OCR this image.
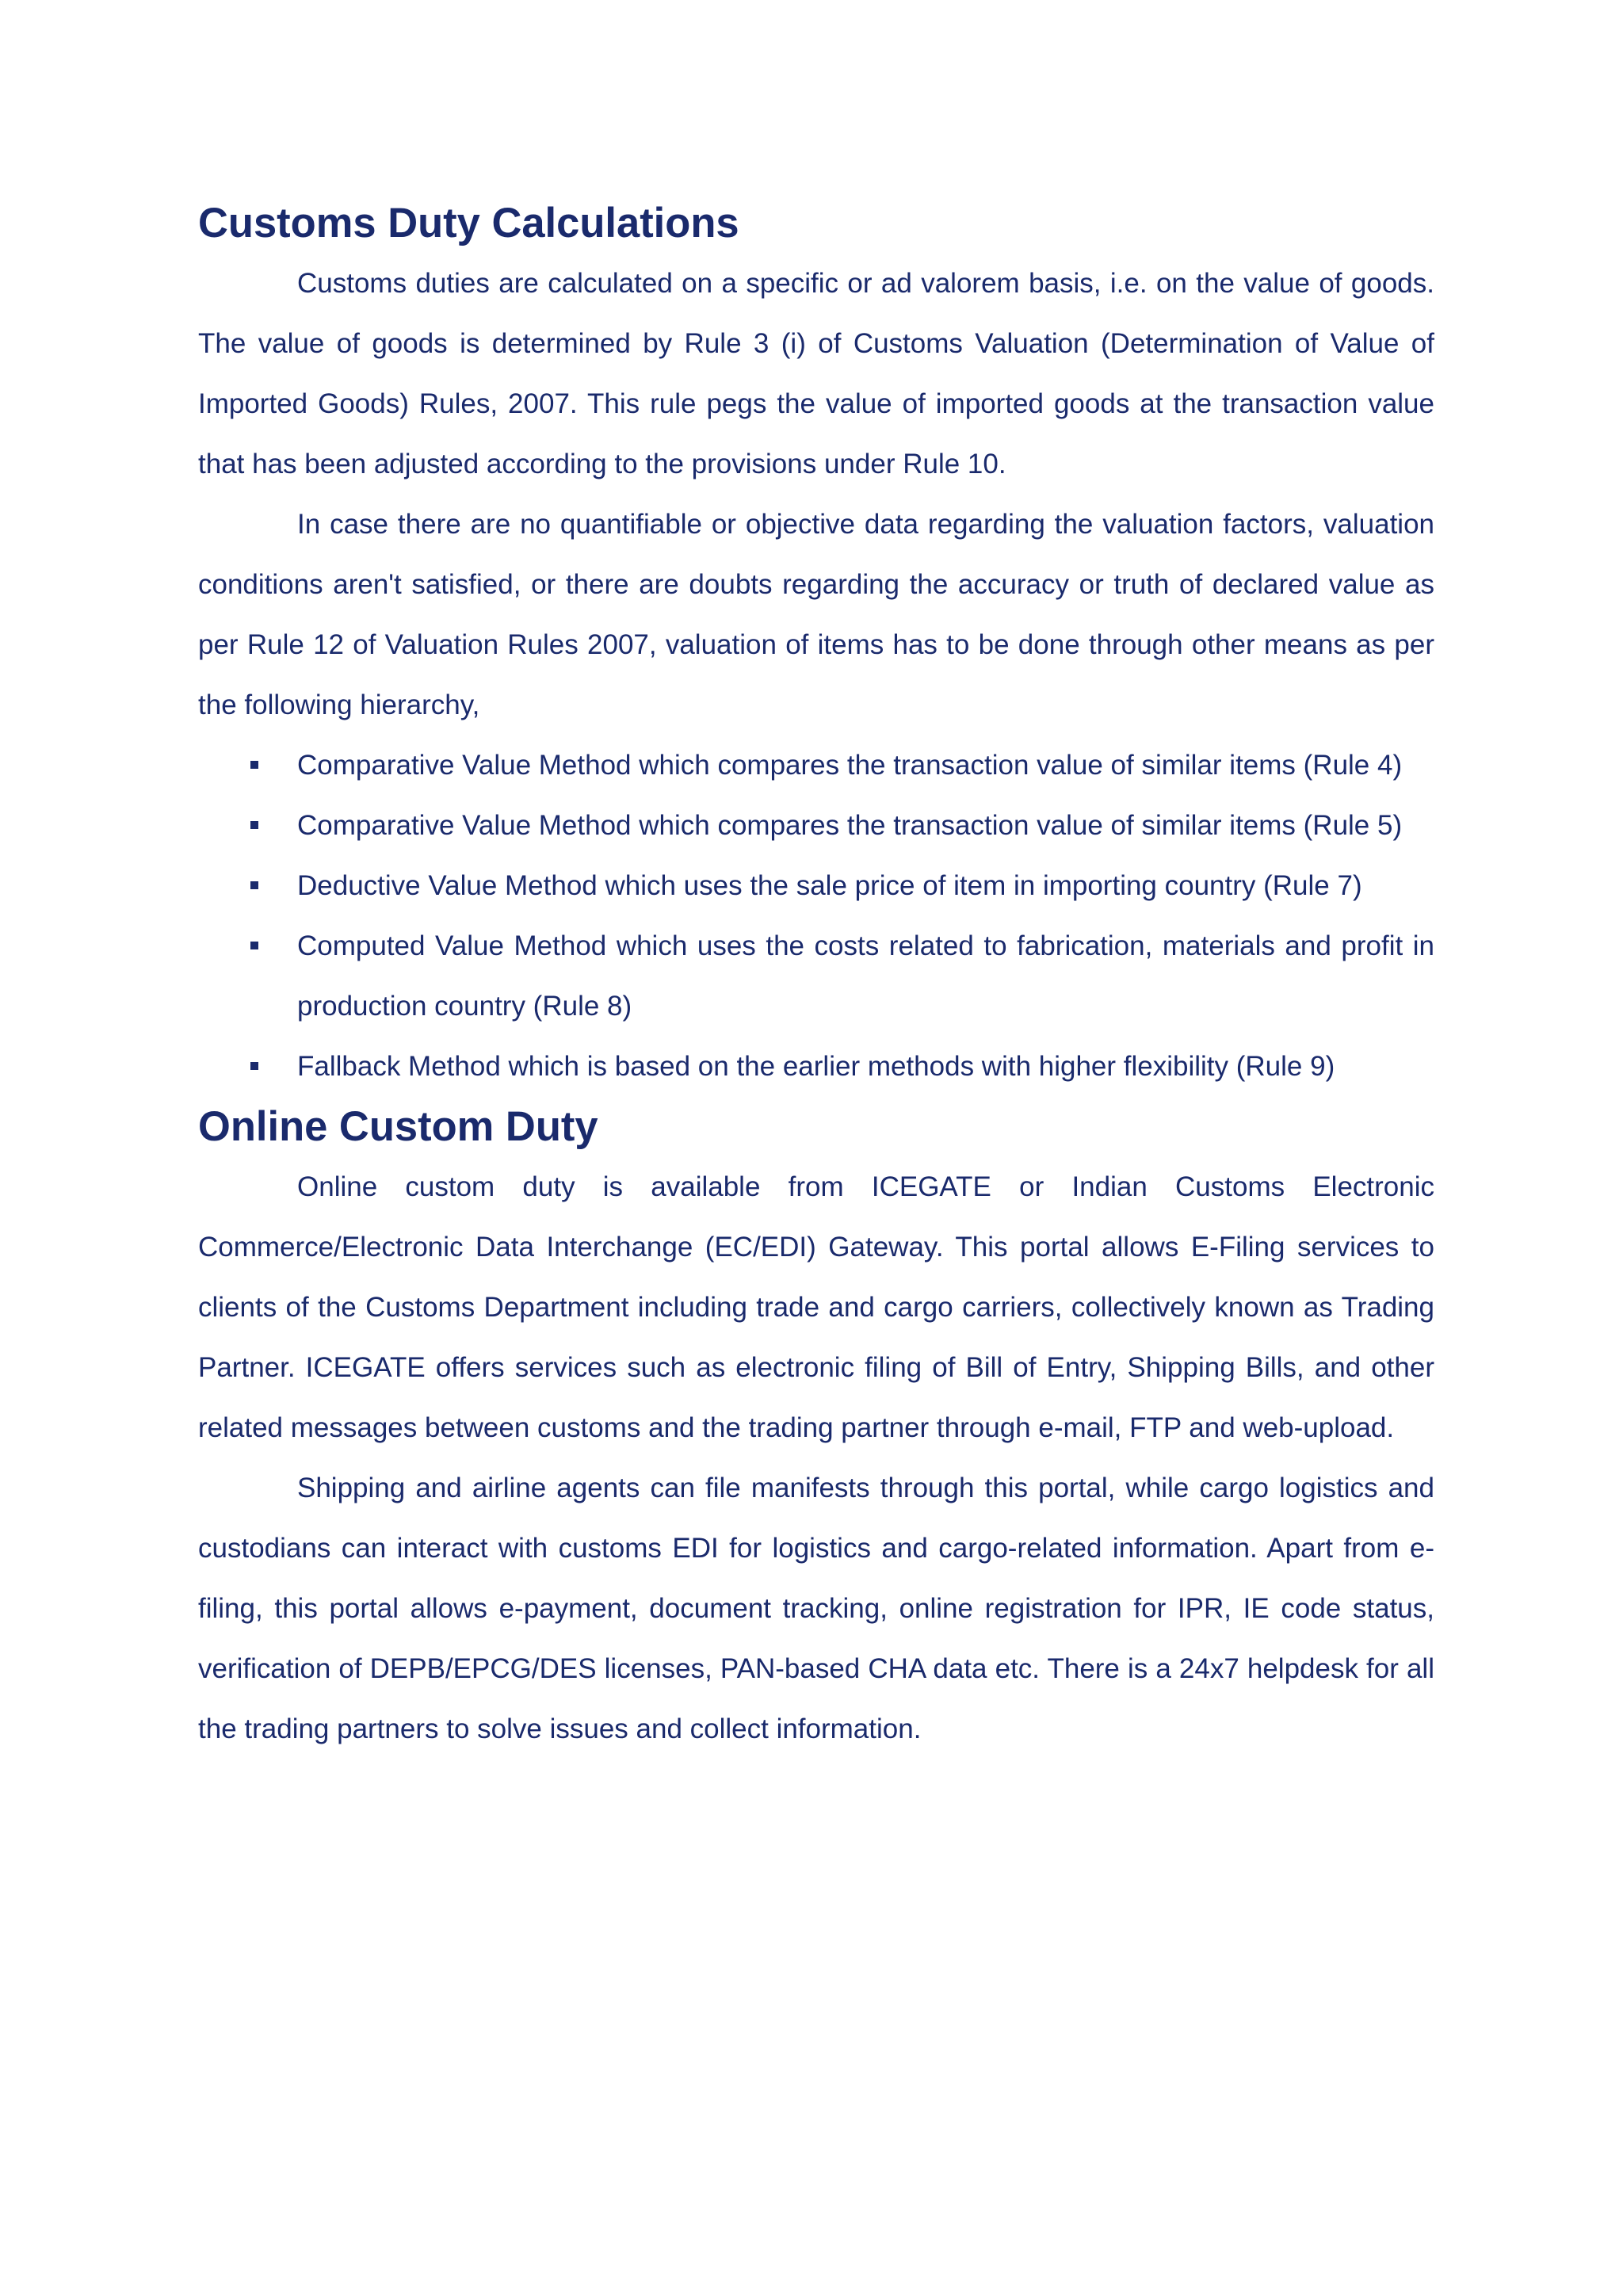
Customs Duty Calculations

Customs duties are calculated on a specific or ad valorem basis, i.e. on the value of goods. The value of goods is determined by Rule 3 (i) of Customs Valuation (Determination of Value of Imported Goods) Rules, 2007. This rule pegs the value of imported goods at the transaction value that has been adjusted according to the provisions under Rule 10.

In case there are no quantifiable or objective data regarding the valuation factors, valuation conditions aren't satisfied, or there are doubts regarding the accuracy or truth of declared value as per Rule 12 of Valuation Rules 2007, valuation of items has to be done through other means as per the following hierarchy,

Comparative Value Method which compares the transaction value of similar items (Rule 4)
Comparative Value Method which compares the transaction value of similar items (Rule 5)
Deductive Value Method which uses the sale price of item in importing country (Rule 7)
Computed Value Method which uses the costs related to fabrication, materials and profit in production country (Rule 8)
Fallback Method which is based on the earlier methods with higher flexibility (Rule 9)
Online Custom Duty

Online custom duty is available from ICEGATE or Indian Customs Electronic Commerce/Electronic Data Interchange (EC/EDI) Gateway. This portal allows E-Filing services to clients of the Customs Department including trade and cargo carriers, collectively known as Trading Partner. ICEGATE offers services such as electronic filing of Bill of Entry, Shipping Bills, and other related messages between customs and the trading partner through e-mail, FTP and web-upload.

Shipping and airline agents can file manifests through this portal, while cargo logistics and custodians can interact with customs EDI for logistics and cargo-related information. Apart from e-filing, this portal allows e-payment, document tracking, online registration for IPR, IE code status, verification of DEPB/EPCG/DES licenses, PAN-based CHA data etc. There is a 24x7 helpdesk for all the trading partners to solve issues and collect information.
